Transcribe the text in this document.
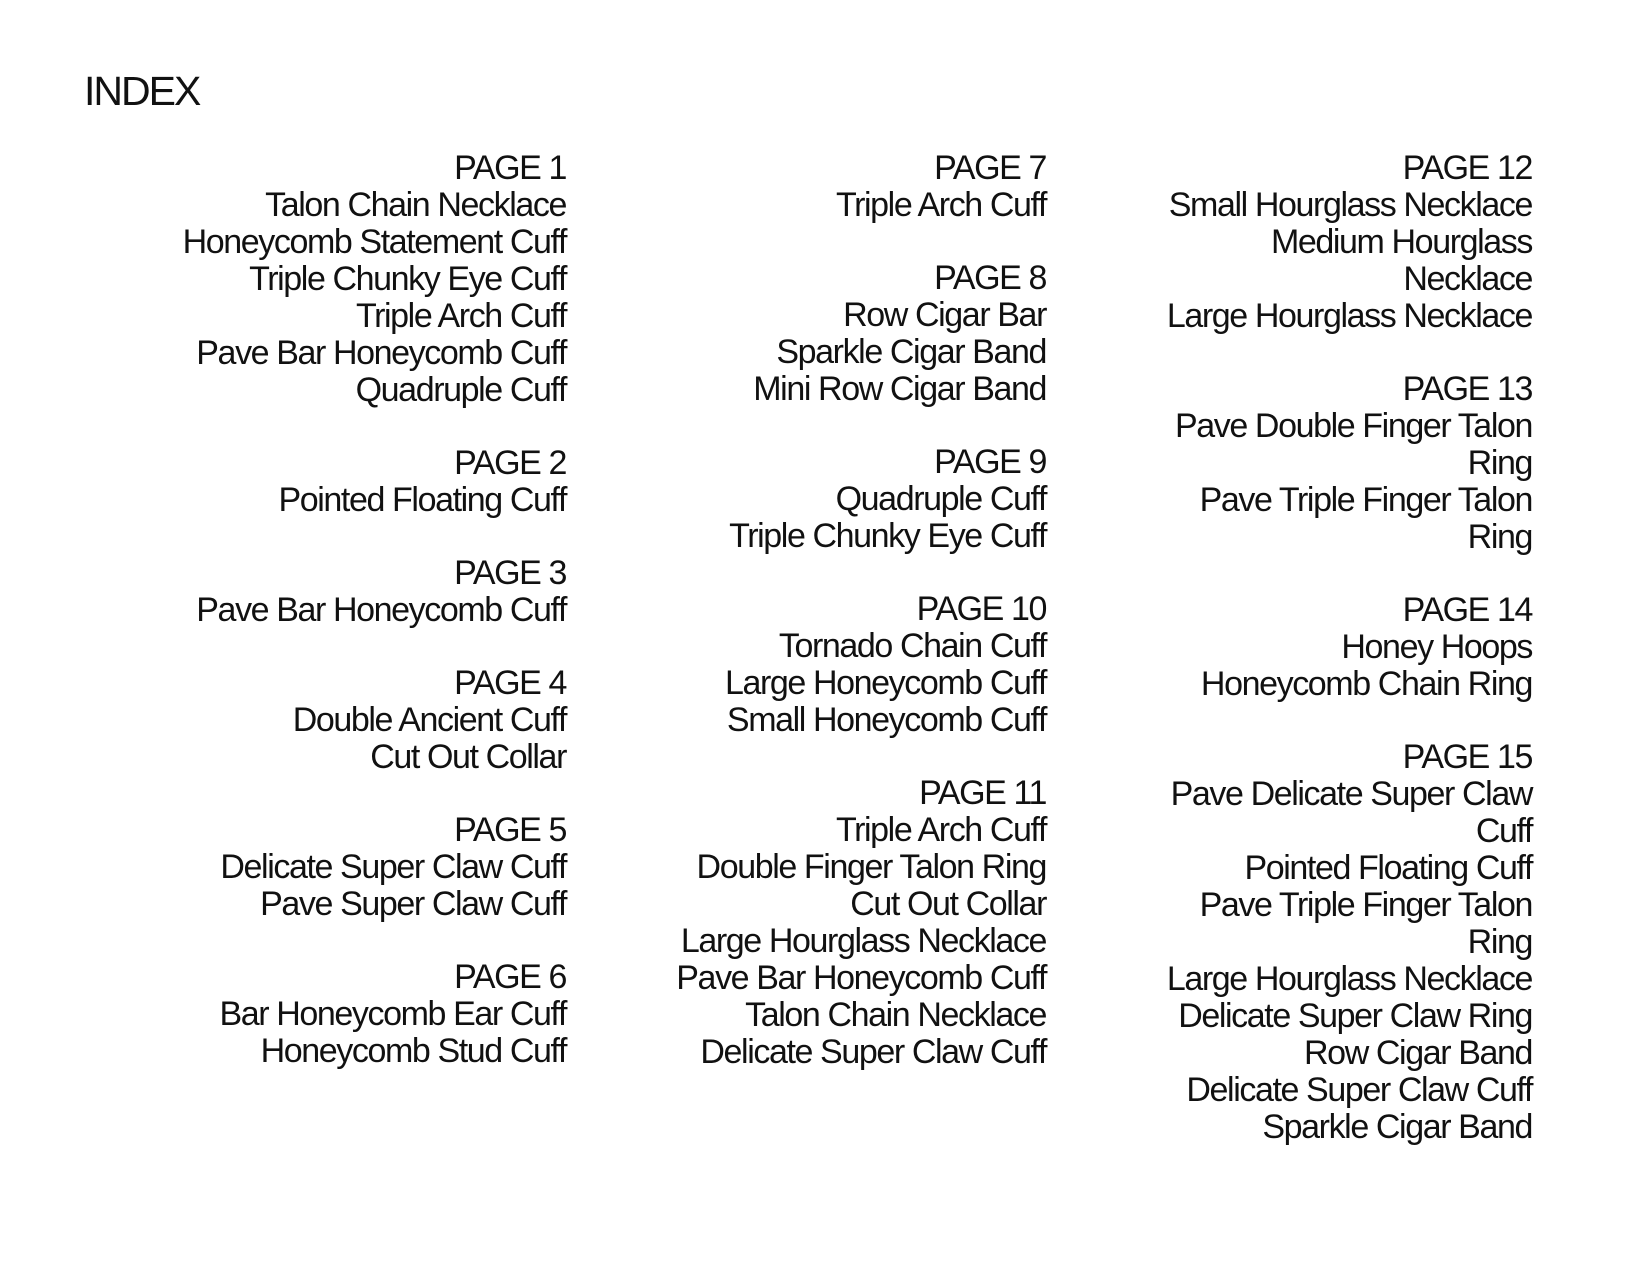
INDEX
PAGE 1
Talon Chain Necklace
Honeycomb Statement Cuff
Triple Chunky Eye Cuff
Triple Arch Cuff
Pave Bar Honeycomb Cuff
Quadruple Cuff
PAGE 2
Pointed Floating Cuff
PAGE 3
Pave Bar Honeycomb Cuff
PAGE 4
Double Ancient Cuff
Cut Out Collar
PAGE 5
Delicate Super Claw Cuff
Pave Super Claw Cuff
PAGE 6
Bar Honeycomb Ear Cuff
Honeycomb Stud Cuff
PAGE 7
Triple Arch Cuff
PAGE 8
Row Cigar Bar
Sparkle Cigar Band
Mini Row Cigar Band
PAGE 9
Quadruple Cuff
Triple Chunky Eye Cuff
PAGE 10
Tornado Chain Cuff
Large Honeycomb Cuff
Small Honeycomb Cuff
PAGE 11
Triple Arch Cuff
Double Finger Talon Ring
Cut Out Collar
Large Hourglass Necklace
Pave Bar Honeycomb Cuff
Talon Chain Necklace
Delicate Super Claw Cuff
PAGE 12
Small Hourglass Necklace
Medium Hourglass
Necklace
Large Hourglass Necklace
PAGE 13
Pave Double Finger Talon
Ring
Pave Triple Finger Talon
Ring
PAGE 14
Honey Hoops
Honeycomb Chain Ring
PAGE 15
Pave Delicate Super Claw
Cuff
Pointed Floating Cuff
Pave Triple Finger Talon
Ring
Large Hourglass Necklace
Delicate Super Claw Ring
Row Cigar Band
Delicate Super Claw Cuff
Sparkle Cigar Band
